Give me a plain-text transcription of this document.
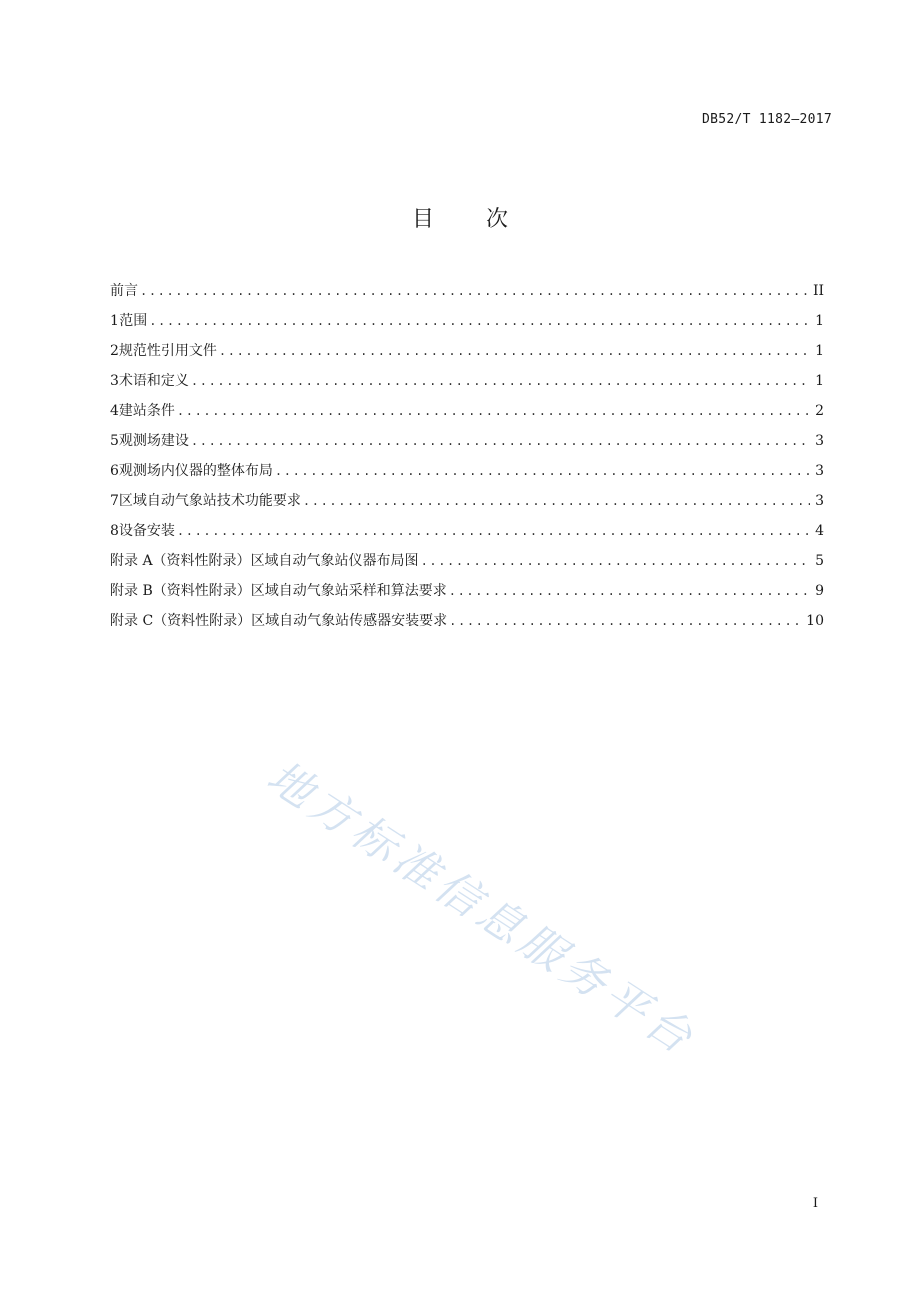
DB52/T 1182—2017
目 次
前言 .....	II
1 范围 .....	1
2 规范性引用文件 .....	1
3 术语和定义 .....	1
4 建站条件 .....	2
5 观测场建设 .....	3
6 观测场内仪器的整体布局 .....	3
7 区域自动气象站技术功能要求 .....	3
8 设备安装 .....	4
附录 A（资料性附录） 区域自动气象站仪器布局图 .....	5
附录 B（资料性附录） 区域自动气象站采样和算法要求 .....	9
附录 C（资料性附录） 区域自动气象站传感器安装要求 .....	10
地方标准信息服务平台
I
